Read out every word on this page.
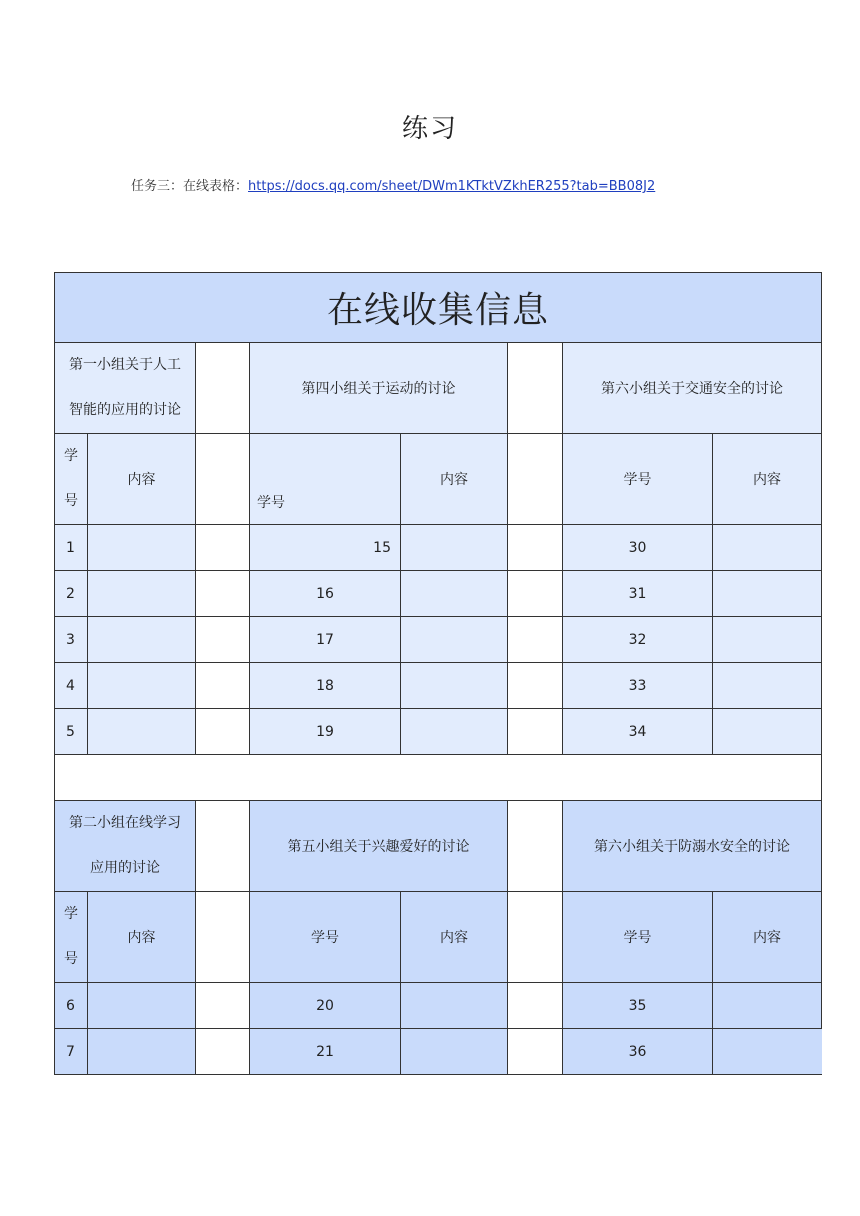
练习
任务三：在线表格：https://docs.qq.com/sheet/DWm1KTktVZkhER255?tab=BB08J2
在线收集信息							

第一小组关于人工
智能的应用的讨论			第四小组关于运动的讨论			第六小组关于交通安全的讨论	

学
号	内容		学号	内容		学号	内容
1			15			30	
2			16			31	
3			17			32	
4			18			33	
5			19			34	

第二小组在线学习
应用的讨论			第五小组关于兴趣爱好的讨论			第六小组关于防溺水安全的讨论	

学
号	内容		学号	内容		学号	内容
6			20			35	
7			21			36	
